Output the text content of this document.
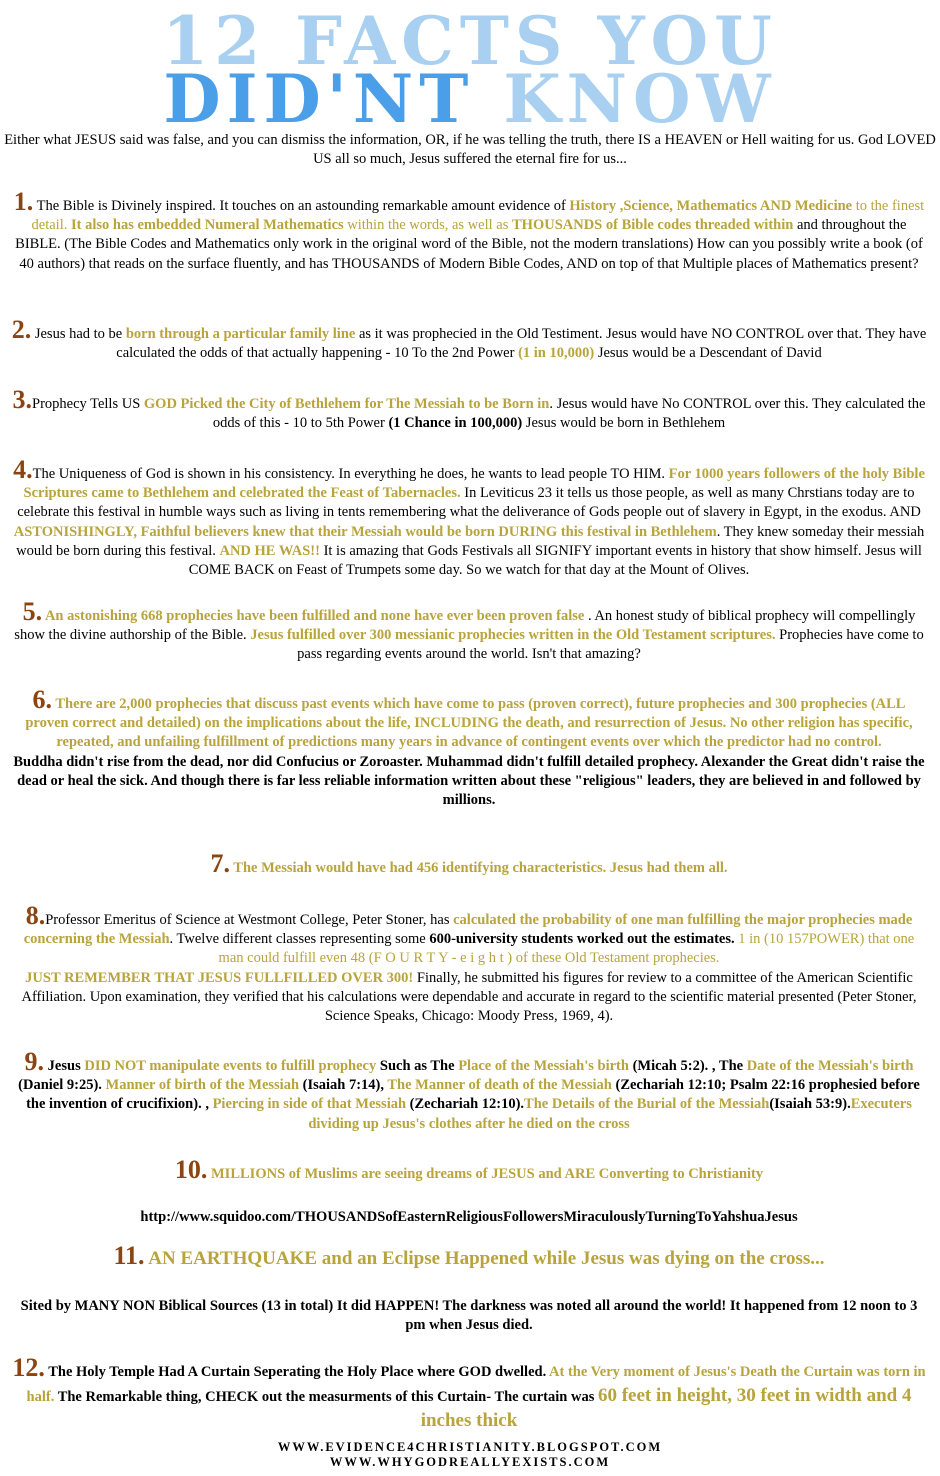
12 FACTS YOU
DID'NT KNOW
Either what JESUS said was false, and you can dismiss the information, OR, if he was telling the truth, there IS a HEAVEN or Hell waiting for us. God LOVED US all so much, Jesus suffered the eternal fire for us...
1. The Bible is Divinely inspired. It touches on an astounding remarkable amount evidence of History ,Science, Mathematics AND Medicine to the finest detail. It also has embedded Numeral Mathematics within the words, as well as THOUSANDS of Bible codes threaded within and throughout the BIBLE. (The Bible Codes and Mathematics only work in the original word of the Bible, not the modern translations) How can you possibly write a book (of 40 authors) that reads on the surface fluently, and has THOUSANDS of Modern Bible Codes, AND on top of that Multiple places of Mathematics present?
2. Jesus had to be born through a particular family line as it was prophecied in the Old Testiment. Jesus would have NO CONTROL over that. They have calculated the odds of that actually happening - 10 To the 2nd Power (1 in 10,000) Jesus would be a Descendant of David
3.Prophecy Tells US GOD Picked the City of Bethlehem for The Messiah to be Born in. Jesus would have No CONTROL over this. They calculated the odds of this - 10 to 5th Power (1 Chance in 100,000) Jesus would be born in Bethlehem
4.The Uniqueness of God is shown in his consistency. In everything he does, he wants to lead people TO HIM. For 1000 years followers of the holy Bible Scriptures came to Bethlehem and celebrated the Feast of Tabernacles. In Leviticus 23 it tells us those people, as well as many Chrstians today are to celebrate this festival in humble ways such as living in tents remembering what the deliverance of Gods people out of slavery in Egypt, in the exodus. AND ASTONISHINGLY, Faithful believers knew that their Messiah would be born DURING this festival in Bethlehem. They knew someday their messiah would be born during this festival. AND HE WAS!! It is amazing that Gods Festivals all SIGNIFY important events in history that show himself. Jesus will COME BACK on Feast of Trumpets some day. So we watch for that day at the Mount of Olives.
5. An astonishing 668 prophecies have been fulfilled and none have ever been proven false . An honest study of biblical prophecy will compellingly show the divine authorship of the Bible. Jesus fulfilled over 300 messianic prophecies written in the Old Testament scriptures. Prophecies have come to pass regarding events around the world. Isn't that amazing?
6. There are 2,000 prophecies that discuss past events which have come to pass (proven correct), future prophecies and 300 prophecies (ALL proven correct and detailed) on the implications about the life, INCLUDING the death, and resurrection of Jesus. No other religion has specific, repeated, and unfailing fulfillment of predictions many years in advance of contingent events over which the predictor had no control.
Buddha didn't rise from the dead, nor did Confucius or Zoroaster. Muhammad didn't fulfill detailed prophecy. Alexander the Great didn't raise the dead or heal the sick. And though there is far less reliable information written about these "religious" leaders, they are believed in and followed by millions.
7. The Messiah would have had 456 identifying characteristics. Jesus had them all.
8.Professor Emeritus of Science at Westmont College, Peter Stoner, has calculated the probability of one man fulfilling the major prophecies made concerning the Messiah. Twelve different classes representing some 600-university students worked out the estimates. 1 in (10 157POWER) that one man could fulfill even 48 (F O U R T Y - e i g h t ) of these Old Testament prophecies.
JUST REMEMBER THAT JESUS FULLFILLED OVER 300! Finally, he submitted his figures for review to a committee of the American Scientific Affiliation. Upon examination, they verified that his calculations were dependable and accurate in regard to the scientific material presented (Peter Stoner, Science Speaks, Chicago: Moody Press, 1969, 4).
9. Jesus DID NOT manipulate events to fulfill prophecy Such as The Place of the Messiah's birth (Micah 5:2). , The Date of the Messiah's birth (Daniel 9:25). Manner of birth of the Messiah (Isaiah 7:14), The Manner of death of the Messiah (Zechariah 12:10; Psalm 22:16 prophesied before the invention of crucifixion). , Piercing in side of that Messiah (Zechariah 12:10).The Details of the Burial of the Messiah(Isaiah 53:9).Executers dividing up Jesus's clothes after he died on the cross
10. MILLIONS of Muslims are seeing dreams of JESUS and ARE Converting to Christianity
http://www.squidoo.com/THOUSANDSofEasternReligiousFollowersMiraculouslyTurningToYahshuaJesus
11. AN EARTHQUAKE and an Eclipse Happened while Jesus was dying on the cross...
Sited by MANY NON Biblical Sources (13 in total) It did HAPPEN! The darkness was noted all around the world! It happened from 12 noon to 3 pm when Jesus died.
12. The Holy Temple Had A Curtain Seperating the Holy Place where GOD dwelled. At the Very moment of Jesus's Death the Curtain was torn in half. The Remarkable thing, CHECK out the measurments of this Curtain- The curtain was 60 feet in height, 30 feet in width and 4 inches thick
WWW.EVIDENCE4CHRISTIANITY.BLOGSPOT.COM
WWW.WHYGODREALLYEXISTS.COM
